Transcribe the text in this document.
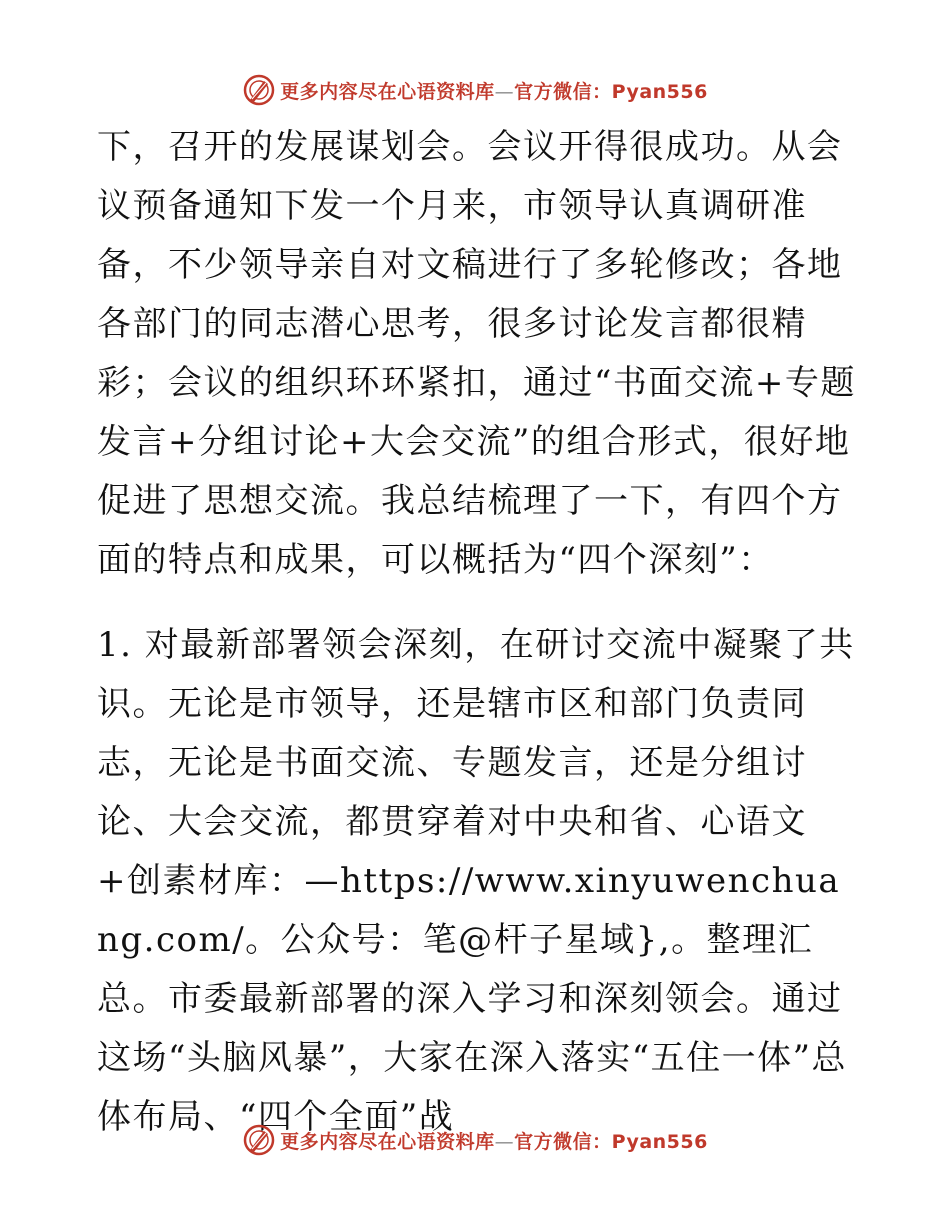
更多内容尽在心语资料库—官方微信：Pyan556

下，召开的发展谋划会。会议开得很成功。从会议预备通知下发一个月来，市领导认真调研准备，不少领导亲自对文稿进行了多轮修改；各地各部门的同志潜心思考，很多讨论发言都很精彩；会议的组织环环紧扣，通过“书面交流+专题发言+分组讨论+大会交流”的组合形式，很好地促进了思想交流。我总结梳理了一下，有四个方面的特点和成果，可以概括为“四个深刻”：

1. 对最新部署领会深刻，在研讨交流中凝聚了共识。无论是市领导，还是辖市区和部门负责同志，无论是书面交流、专题发言，还是分组讨论、大会交流，都贯穿着对中央和省、心语文+创素材库：—https://www.xinyuwenchuang.com/。公众号：笔@杆子星域},。整理汇总。市委最新部署的深入学习和深刻领会。通过这场“头脑风暴”，大家在深入落实“五住一体”总体布局、“四个全面”战

更多内容尽在心语资料库—官方微信：Pyan556
